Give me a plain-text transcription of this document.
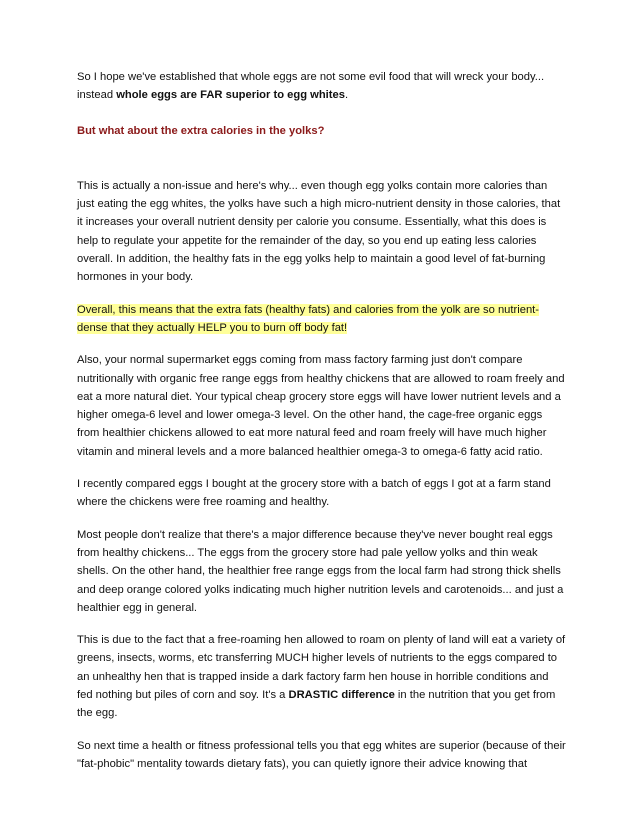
So I hope we've established that whole eggs are not some evil food that will wreck your body...
instead whole eggs are FAR superior to egg whites.

But what about the extra calories in the yolks?

This is actually a non-issue and here's why... even though egg yolks contain more calories than just eating the egg whites, the yolks have such a high micro-nutrient density in those calories, that it increases your overall nutrient density per calorie you consume. Essentially, what this does is help to regulate your appetite for the remainder of the day, so you end up eating less calories overall. In addition, the healthy fats in the egg yolks help to maintain a good level of fat-burning hormones in your body.

Overall, this means that the extra fats (healthy fats) and calories from the yolk are so nutrient-dense that they actually HELP you to burn off body fat!

Also, your normal supermarket eggs coming from mass factory farming just don't compare nutritionally with organic free range eggs from healthy chickens that are allowed to roam freely and eat a more natural diet. Your typical cheap grocery store eggs will have lower nutrient levels and a higher omega-6 level and lower omega-3 level. On the other hand, the cage-free organic eggs from healthier chickens allowed to eat more natural feed and roam freely will have much higher vitamin and mineral levels and a more balanced healthier omega-3 to omega-6 fatty acid ratio.

I recently compared eggs I bought at the grocery store with a batch of eggs I got at a farm stand where the chickens were free roaming and healthy.

Most people don't realize that there's a major difference because they've never bought real eggs from healthy chickens... The eggs from the grocery store had pale yellow yolks and thin weak shells. On the other hand, the healthier free range eggs from the local farm had strong thick shells and deep orange colored yolks indicating much higher nutrition levels and carotenoids... and just a healthier egg in general.

This is due to the fact that a free-roaming hen allowed to roam on plenty of land will eat a variety of greens, insects, worms, etc transferring MUCH higher levels of nutrients to the eggs compared to an unhealthy hen that is trapped inside a dark factory farm hen house in horrible conditions and fed nothing but piles of corn and soy. It's a DRASTIC difference in the nutrition that you get from the egg.

So next time a health or fitness professional tells you that egg whites are superior (because of their "fat-phobic" mentality towards dietary fats), you can quietly ignore their advice knowing that
